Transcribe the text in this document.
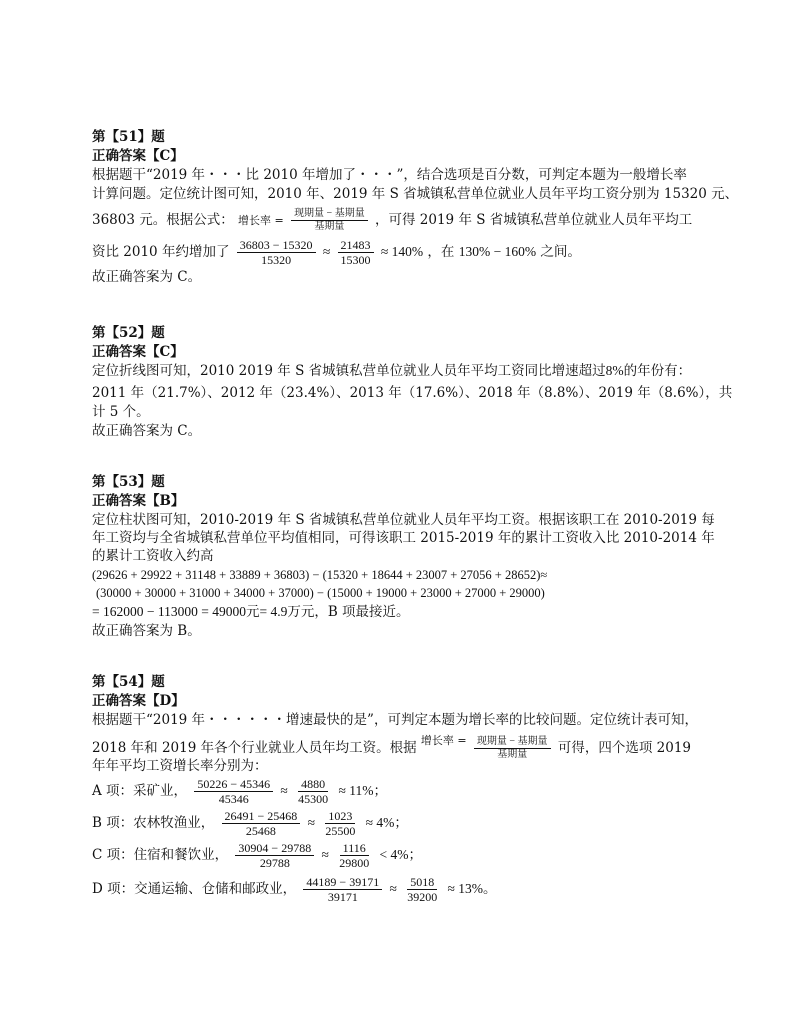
第【51】题
正确答案【C】
根据题干“2019 年・・・比 2010 年增加了・・・”，结合选项是百分数，可判定本题为一般增长率
计算问题。定位统计图可知，2010 年、2019 年 S 省城镇私营单位就业人员年平均工资分别为 15320 元、
36803 元。根据公式： 增长率 = $\frac{\text{现期量 − 基期量}}{\text{基期量}}$ ，可得 2019 年 S 省城镇私营单位就业人员年平均工
资比 2010 年约增加了 $\frac{36803 - 15320}{15320} \approx \frac{21483}{15300} \approx 140\%$ ，在 130% − 160% 之间。
故正确答案为 C。
第【52】题
正确答案【C】
定位折线图可知，2010 2019 年 S 省城镇私营单位就业人员年平均工资同比增速超过8%的年份有：
2011 年（21.7%）、2012 年（23.4%）、2013 年（17.6%）、2018 年（8.8%）、2019 年（8.6%），共
计 5 个。
故正确答案为 C。
第【53】题
正确答案【B】
定位柱状图可知，2010-2019 年 S 省城镇私营单位就业人员年平均工资。根据该职工在 2010-2019 每
年工资均与全省城镇私营单位平均值相同，可得该职工 2015-2019 年的累计工资收入比 2010-2014 年
的累计工资收入约高
(29626 + 29922 + 31148 + 33889 + 36803) − (15320 + 18644 + 23007 + 27056 + 28652)≈
(30000 + 30000 + 31000 + 34000 + 37000) − (15000 + 19000 + 23000 + 27000 + 29000)
= 162000 − 113000 = 49000元= 4.9万元，B 项最接近。
故正确答案为 B。
第【54】题
正确答案【D】
根据题干“2019 年・・・・・・增速最快的是”，可判定本题为增长率的比较问题。定位统计表可知，
2018 年和 2019 年各个行业就业人员年均工资。根据 $^{增长率 =} \frac{\text{现期量 − 基期量}}{\text{基期量}}$ 可得，四个选项 2019
年年平均工资增长率分别为：
A 项：采矿业， $\frac{50226 - 45346}{45346} \approx \frac{4880}{45300} \approx 11\%$；
B 项：农林牧渔业， $\frac{26491 - 25468}{25468} \approx \frac{1023}{25500} \approx 4\%$；
C 项：住宿和餐饮业， $\frac{30904 - 29788}{29788} \approx \frac{1116}{29800} < 4\%$；
D 项：交通运输、仓储和邮政业， $\frac{44189 - 39171}{39171} \approx \frac{5018}{39200} \approx 13\%$。
